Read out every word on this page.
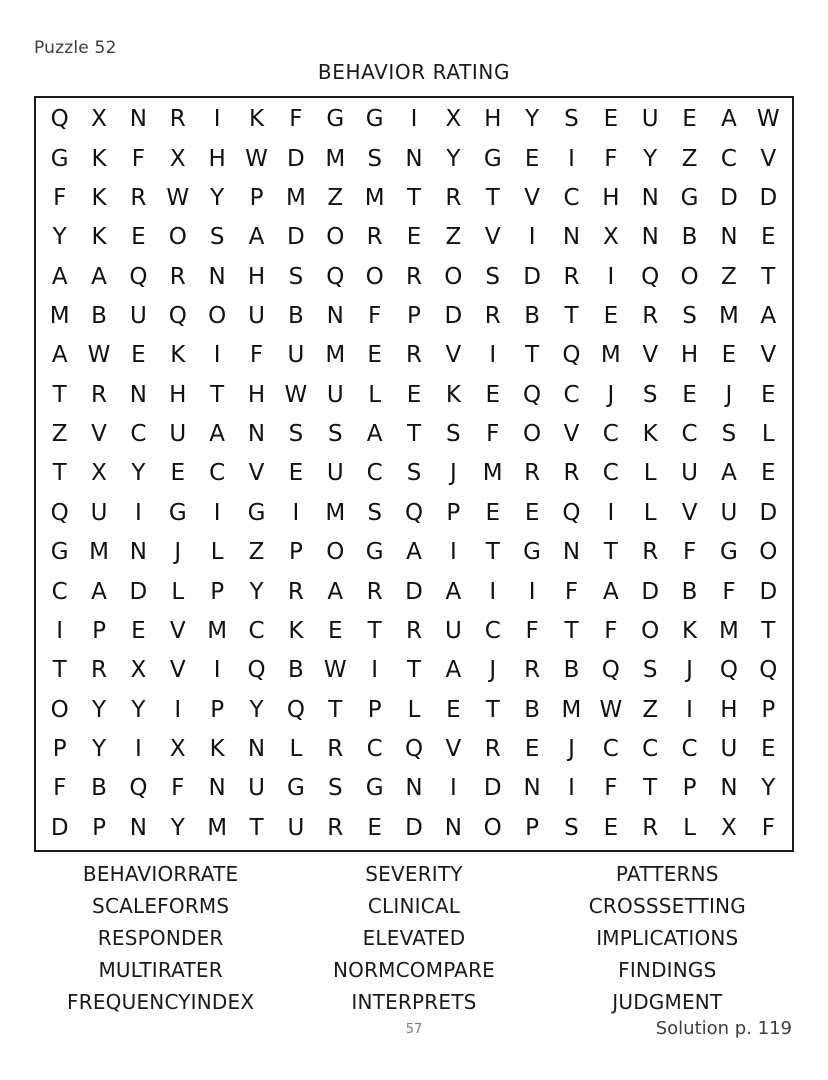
Puzzle 52
BEHAVIOR RATING
Q X N R	I	K	F	G G	I	X H	Y	S	E	U	E	A W
G K	F	X H W D M S	N	Y	G	E	I	F	Y	Z	C	V
F	K	R W Y	P M Z M T	R	T	V	C H N G D D
Y	K	E	O	S	A D O R	E	Z	V	I	N X N B N	E
A	A Q R N H	S	Q O R O	S	D R	I	Q O Z	T
M B	U Q O U	B N	F	P	D R	B	T	E	R	S M A
A W E	K	I	F	U M E	R	V	I	T	Q M V H	E	V
T	R N H	T	H W U	L	E	K	E	Q C	J	S	E	J	E
Z	V	C U	A N	S	S	A	T	S	F	O V	C	K	C	S	L
T	X	Y	E	C	V	E	U C	S	J	M R	R	C	L	U	A	E
Q U	I	G	I	G	I	M S	Q	P	E	E	Q	I	L	V	U D
G M N	J	L	Z	P	O G A	I	T	G N	T	R	F	G O
C	A D	L	P	Y	R	A	R D A	I	I	F	A D B	F	D
I	P	E	V M C	K	E	T	R U C	F	T	F	O K M T
T	R	X	V	I	Q B W	I	T	A	J	R	B Q	S	J	Q Q
O	Y	Y	I	P	Y	Q	T	P	L	E	T	B M W Z	I	H	P
P	Y	I	X	K	N	L	R	C Q V	R	E	J	C	C	C U	E
F	B Q	F	N U G	S	G N	I	D N	I	F	T	P	N	Y
D	P	N	Y M T	U R	E	D N O	P	S	E	R	L	X	F
BEHAVIORRATE
SCALEFORMS
RESPONDER
MULTIRATER
FREQUENCYINDEX
SEVERITY
CLINICAL
ELEVATED
NORMCOMPARE
INTERPRETS
PATTERNS
CROSSSETTING
IMPLICATIONS
FINDINGS
JUDGMENT
57	Solution p. 119
